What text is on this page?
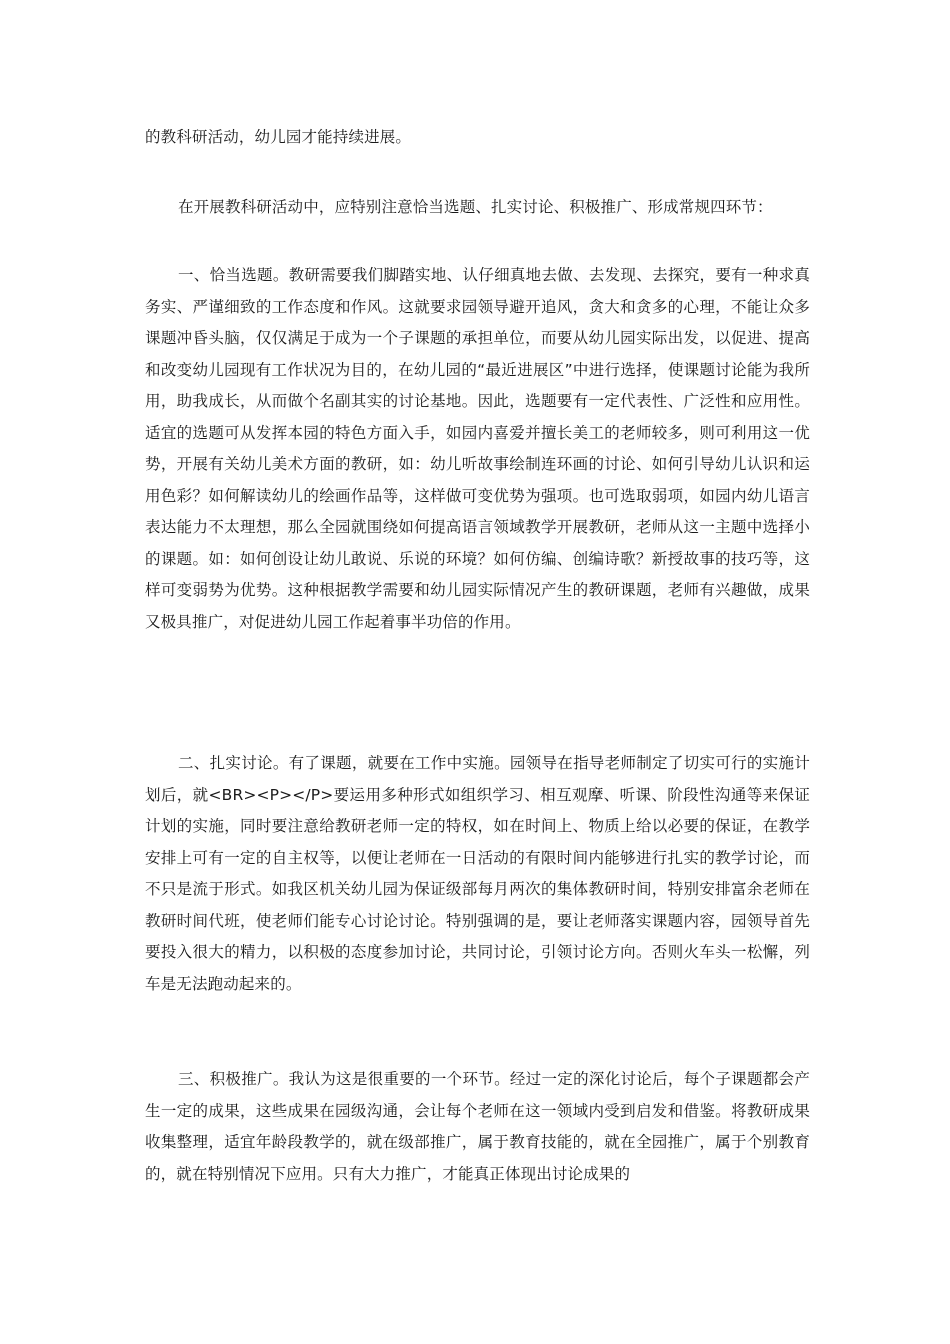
的教科研活动，幼儿园才能持续进展。

在开展教科研活动中，应特别注意恰当选题、扎实讨论、积极推广、形成常规四环节：

一、恰当选题。教研需要我们脚踏实地、认仔细真地去做、去发现、去探究，要有一种求真务实、严谨细致的工作态度和作风。这就要求园领导避开追风，贪大和贪多的心理，不能让众多课题冲昏头脑，仅仅满足于成为一个子课题的承担单位，而要从幼儿园实际出发，以促进、提高和改变幼儿园现有工作状况为目的，在幼儿园的“最近进展区”中进行选择，使课题讨论能为我所用，助我成长，从而做个名副其实的讨论基地。因此，选题要有一定代表性、广泛性和应用性。适宜的选题可从发挥本园的特色方面入手，如园内喜爱并擅长美工的老师较多，则可利用这一优势，开展有关幼儿美术方面的教研，如：幼儿听故事绘制连环画的讨论、如何引导幼儿认识和运用色彩？如何解读幼儿的绘画作品等，这样做可变优势为强项。也可选取弱项，如园内幼儿语言表达能力不太理想，那么全园就围绕如何提高语言领域教学开展教研，老师从这一主题中选择小的课题。如：如何创设让幼儿敢说、乐说的环境？如何仿编、创编诗歌？新授故事的技巧等，这样可变弱势为优势。这种根据教学需要和幼儿园实际情况产生的教研课题，老师有兴趣做，成果又极具推广，对促进幼儿园工作起着事半功倍的作用。

二、扎实讨论。有了课题，就要在工作中实施。园领导在指导老师制定了切实可行的实施计划后，就<BR><P></P>要运用多种形式如组织学习、相互观摩、听课、阶段性沟通等来保证计划的实施，同时要注意给教研老师一定的特权，如在时间上、物质上给以必要的保证，在教学安排上可有一定的自主权等，以便让老师在一日活动的有限时间内能够进行扎实的教学讨论，而不只是流于形式。如我区机关幼儿园为保证级部每月两次的集体教研时间，特别安排富余老师在教研时间代班，使老师们能专心讨论讨论。特别强调的是，要让老师落实课题内容，园领导首先要投入很大的精力，以积极的态度参加讨论，共同讨论，引领讨论方向。否则火车头一松懈，列车是无法跑动起来的。

三、积极推广。我认为这是很重要的一个环节。经过一定的深化讨论后，每个子课题都会产生一定的成果，这些成果在园级沟通，会让每个老师在这一领域内受到启发和借鉴。将教研成果收集整理，适宜年龄段教学的，就在级部推广，属于教育技能的，就在全园推广，属于个别教育的，就在特别情况下应用。只有大力推广，才能真正体现出讨论成果的
